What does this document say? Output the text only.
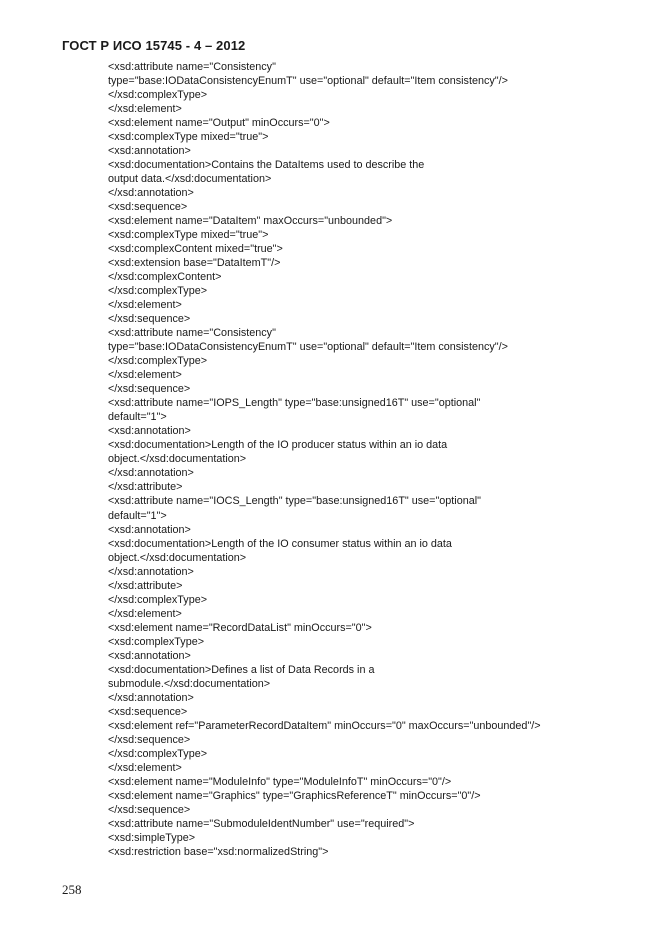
ГОСТ Р ИСО 15745 - 4 – 2012
<xsd:attribute name="Consistency"
type="base:IODataConsistencyEnumT" use="optional" default="Item consistency"/>
</xsd:complexType>
</xsd:element>
<xsd:element name="Output" minOccurs="0">
<xsd:complexType mixed="true">
<xsd:annotation>
<xsd:documentation>Contains the DataItems used to describe the
output data.</xsd:documentation>
</xsd:annotation>
<xsd:sequence>
<xsd:element name="DataItem" maxOccurs="unbounded">
<xsd:complexType mixed="true">
<xsd:complexContent mixed="true">
<xsd:extension base="DataItemT"/>
</xsd:complexContent>
</xsd:complexType>
</xsd:element>
</xsd:sequence>
<xsd:attribute name="Consistency"
type="base:IODataConsistencyEnumT" use="optional" default="Item consistency"/>
</xsd:complexType>
</xsd:element>
</xsd:sequence>
<xsd:attribute name="IOPS_Length" type="base:unsigned16T" use="optional"
default="1">
<xsd:annotation>
<xsd:documentation>Length of the IO producer status within an io data
object.</xsd:documentation>
</xsd:annotation>
</xsd:attribute>
<xsd:attribute name="IOCS_Length" type="base:unsigned16T" use="optional"
default="1">
<xsd:annotation>
<xsd:documentation>Length of the IO consumer status within an io data
object.</xsd:documentation>
</xsd:annotation>
</xsd:attribute>
</xsd:complexType>
</xsd:element>
<xsd:element name="RecordDataList" minOccurs="0">
<xsd:complexType>
<xsd:annotation>
<xsd:documentation>Defines a list of Data Records in a
submodule.</xsd:documentation>
</xsd:annotation>
<xsd:sequence>
<xsd:element ref="ParameterRecordDataItem" minOccurs="0" maxOccurs="unbounded"/>
</xsd:sequence>
</xsd:complexType>
</xsd:element>
<xsd:element name="ModuleInfo" type="ModuleInfoT" minOccurs="0"/>
<xsd:element name="Graphics" type="GraphicsReferenceT" minOccurs="0"/>
</xsd:sequence>
<xsd:attribute name="SubmoduleIdentNumber" use="required">
<xsd:simpleType>
<xsd:restriction base="xsd:normalizedString">
258
